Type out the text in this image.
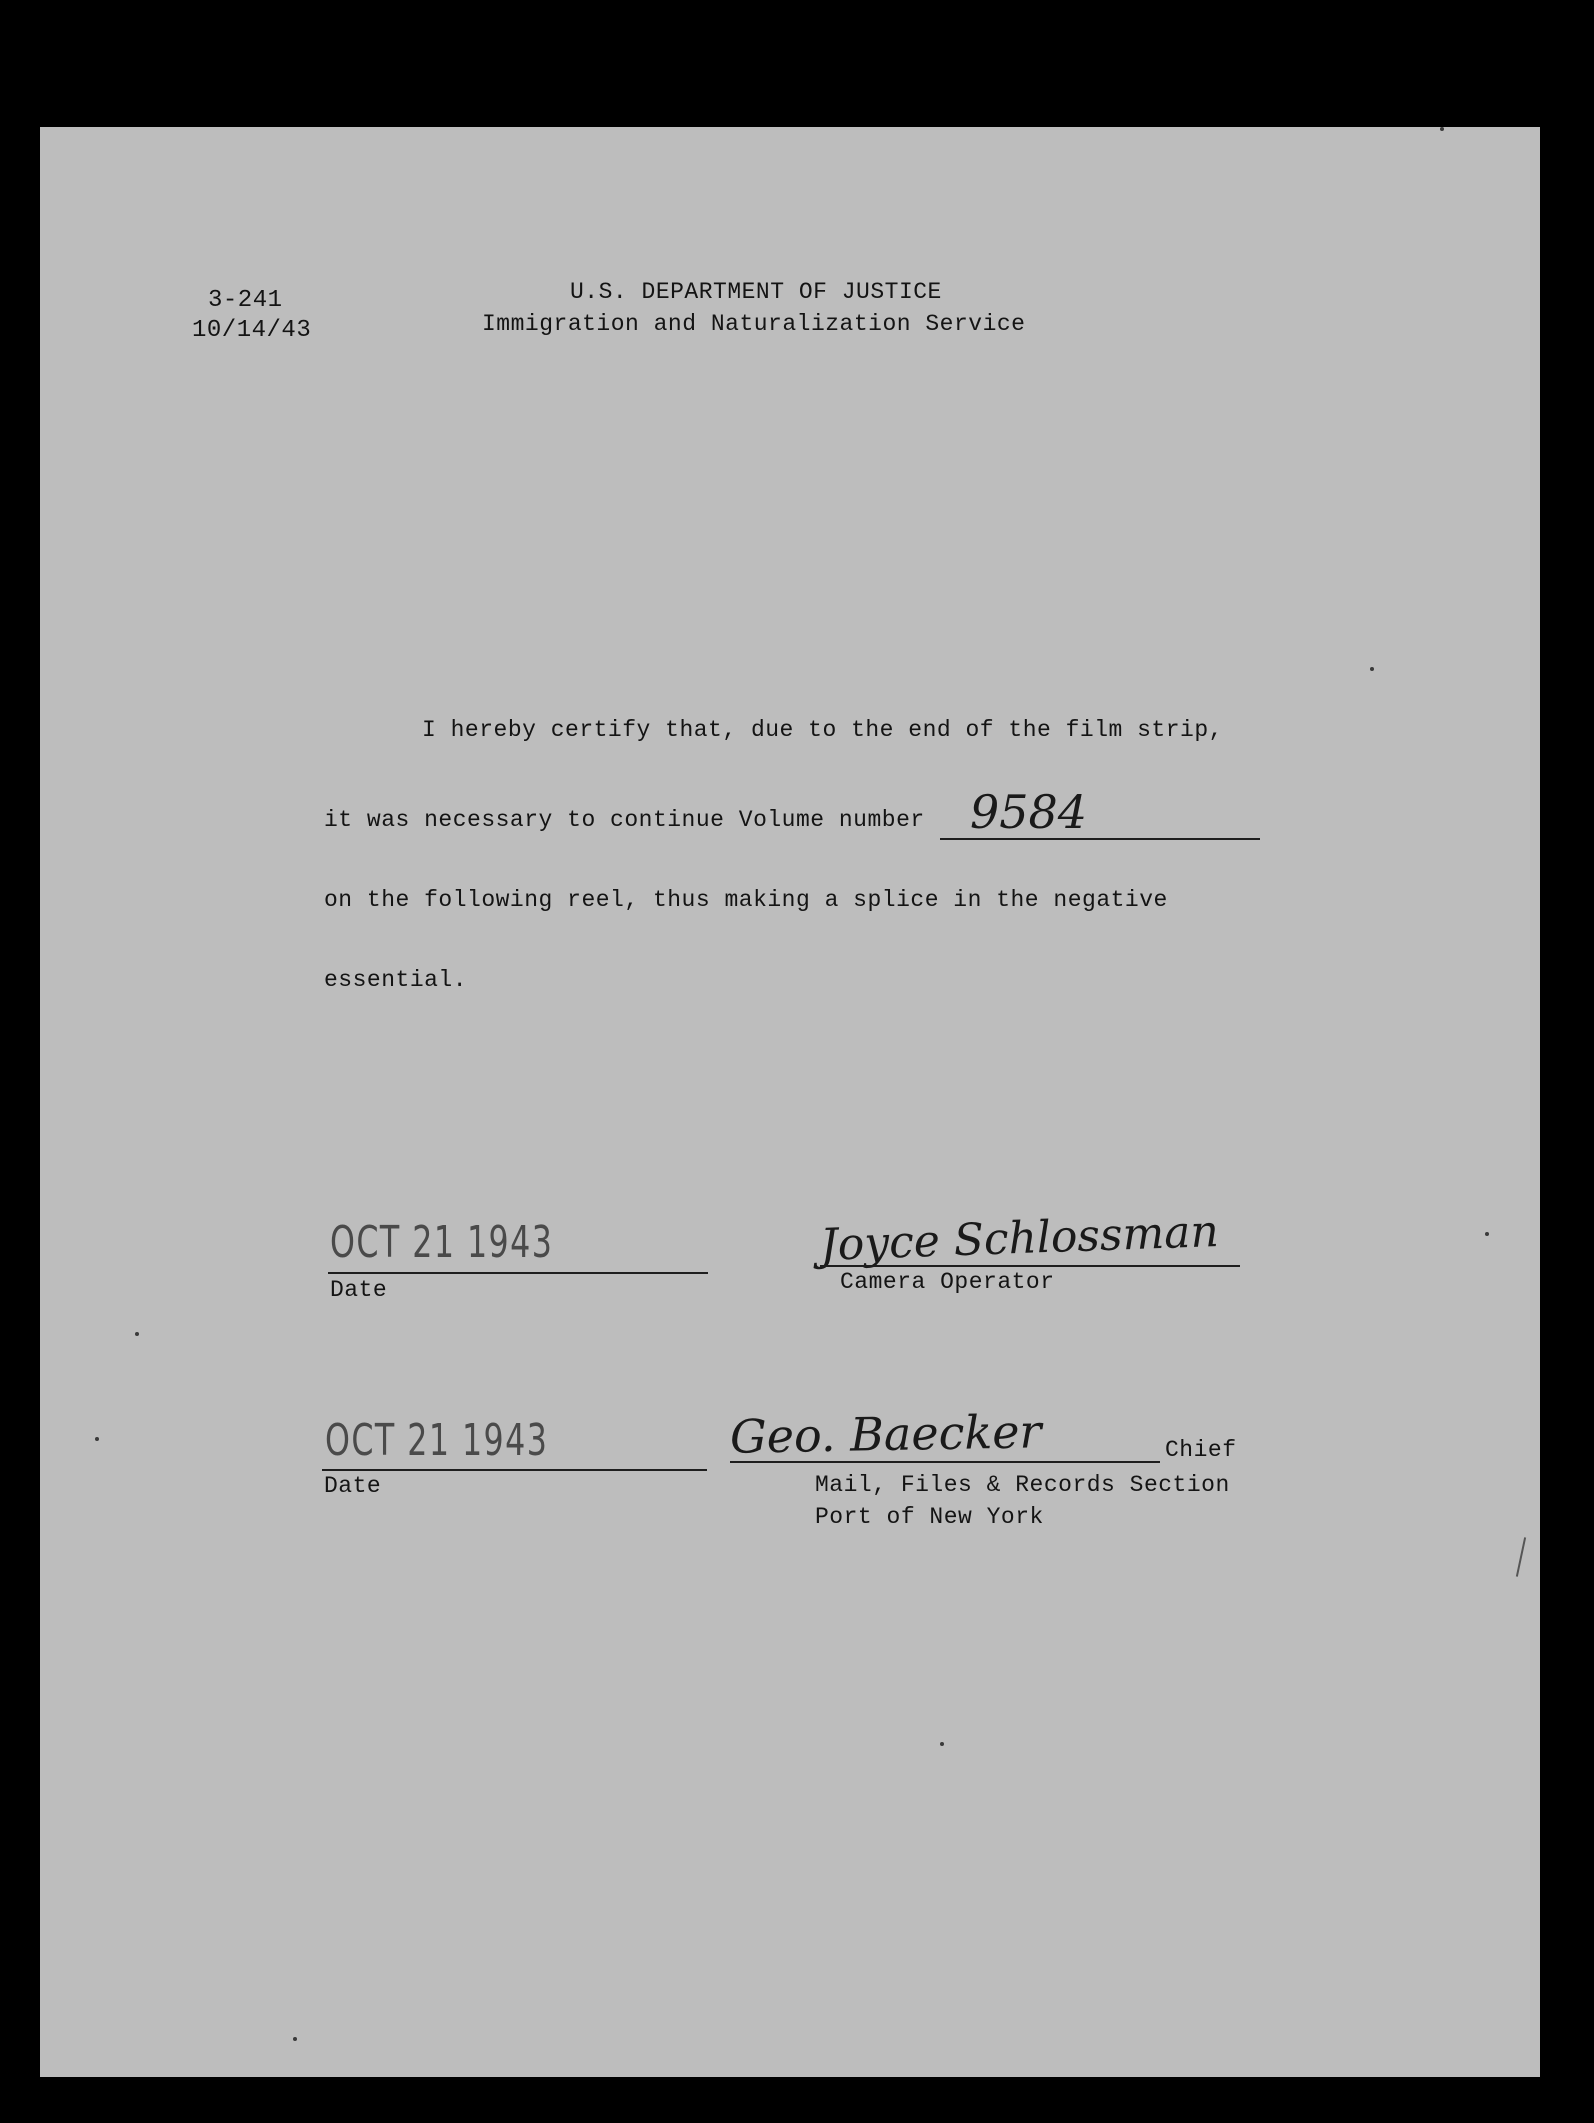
3-241
10/14/43
U.S. DEPARTMENT OF JUSTICE
Immigration and Naturalization Service
I hereby certify that, due to the end of the film strip,
it was necessary to continue Volume number 9584
on the following reel, thus making a splice in the negative
essential.
OCT 21 1943
Date
Joyce Schlossman
Camera Operator
OCT 21 1943
Date
Geo. Baecker	Chief
Mail, Files & Records Section
Port of New York
